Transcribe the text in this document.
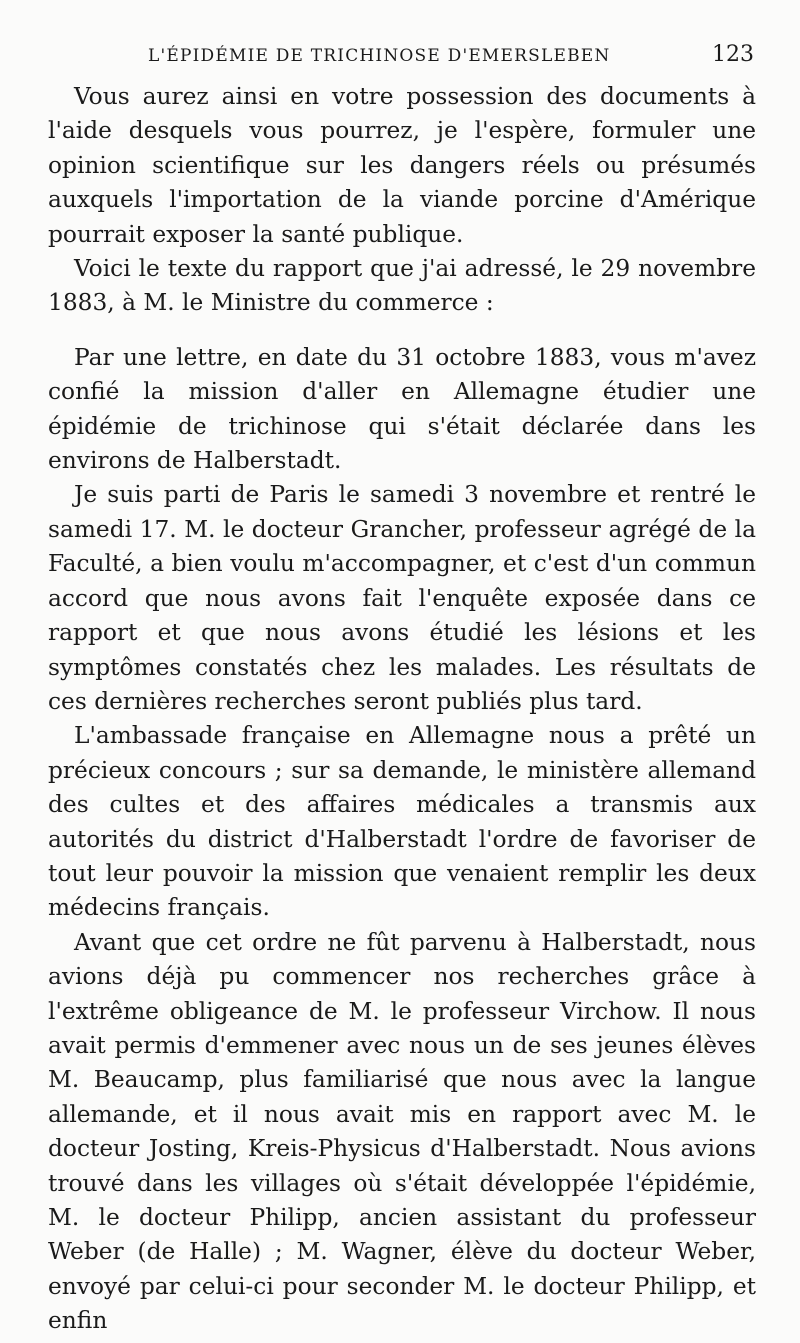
L'ÉPIDÉMIE DE TRICHINOSE D'EMERSLEBEN	123

Vous aurez ainsi en votre possession des documents à l'aide desquels vous pourrez, je l'espère, formuler une opinion scientifique sur les dangers réels ou présumés auxquels l'importation de la viande porcine d'Amérique pourrait exposer la santé publique.

Voici le texte du rapport que j'ai adressé, le 29 novembre 1883, à M. le Ministre du commerce :

Par une lettre, en date du 31 octobre 1883, vous m'avez confié la mission d'aller en Allemagne étudier une épidémie de trichinose qui s'était déclarée dans les environs de Halberstadt.

Je suis parti de Paris le samedi 3 novembre et rentré le samedi 17. M. le docteur Grancher, professeur agrégé de la Faculté, a bien voulu m'accompagner, et c'est d'un commun accord que nous avons fait l'enquête exposée dans ce rapport et que nous avons étudié les lésions et les symptômes constatés chez les malades. Les résultats de ces dernières recherches seront publiés plus tard.

L'ambassade française en Allemagne nous a prêté un précieux concours ; sur sa demande, le ministère allemand des cultes et des affaires médicales a transmis aux autorités du district d'Halberstadt l'ordre de favoriser de tout leur pouvoir la mission que venaient remplir les deux médecins français.

Avant que cet ordre ne fût parvenu à Halberstadt, nous avions déjà pu commencer nos recherches grâce à l'extrême obligeance de M. le professeur Virchow. Il nous avait permis d'emmener avec nous un de ses jeunes élèves M. Beaucamp, plus familiarisé que nous avec la langue allemande, et il nous avait mis en rapport avec M. le docteur Josting, Kreis-Physicus d'Halberstadt. Nous avions trouvé dans les villages où s'était développée l'épidémie, M. le docteur Philipp, ancien assistant du professeur Weber (de Halle) ; M. Wagner, élève du docteur Weber, envoyé par celui-ci pour seconder M. le docteur Philipp, et enfin
